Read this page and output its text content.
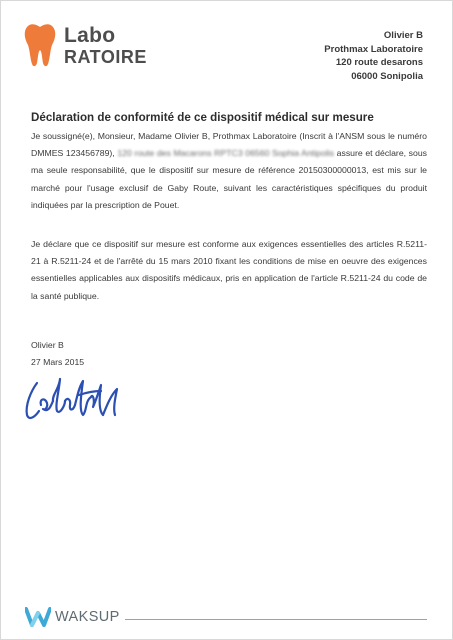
Labo
RATOIRE
Olivier B
Prothmax Laboratoire
120 route desarons
06000 Sonipolia
Déclaration de conformité de ce dispositif médical sur mesure
Je soussigné(e), Monsieur, Madame Olivier B, Prothmax Laboratoire (Inscrit à l'ANSM sous le numéro DMMES 123456789), 120 route des Macarons RPTC3 06560 Sophia Antipolis assure et déclare, sous ma seule responsabilité, que le dispositif sur mesure de référence 20150300000013, est mis sur le marché pour l'usage exclusif de Gaby Route, suivant les caractéristiques spécifiques du produit indiquées par la prescription de Pouet.
Je déclare que ce dispositif sur mesure est conforme aux exigences essentielles des articles R.5211-21 à R.5211-24 et de l'arrêté du 15 mars 2010 fixant les conditions de mise en oeuvre des exigences essentielles applicables aux dispositifs médicaux, pris en application de l'article R.5211-24 du code de la santé publique.
Olivier B
27 Mars 2015
WAKSUP
